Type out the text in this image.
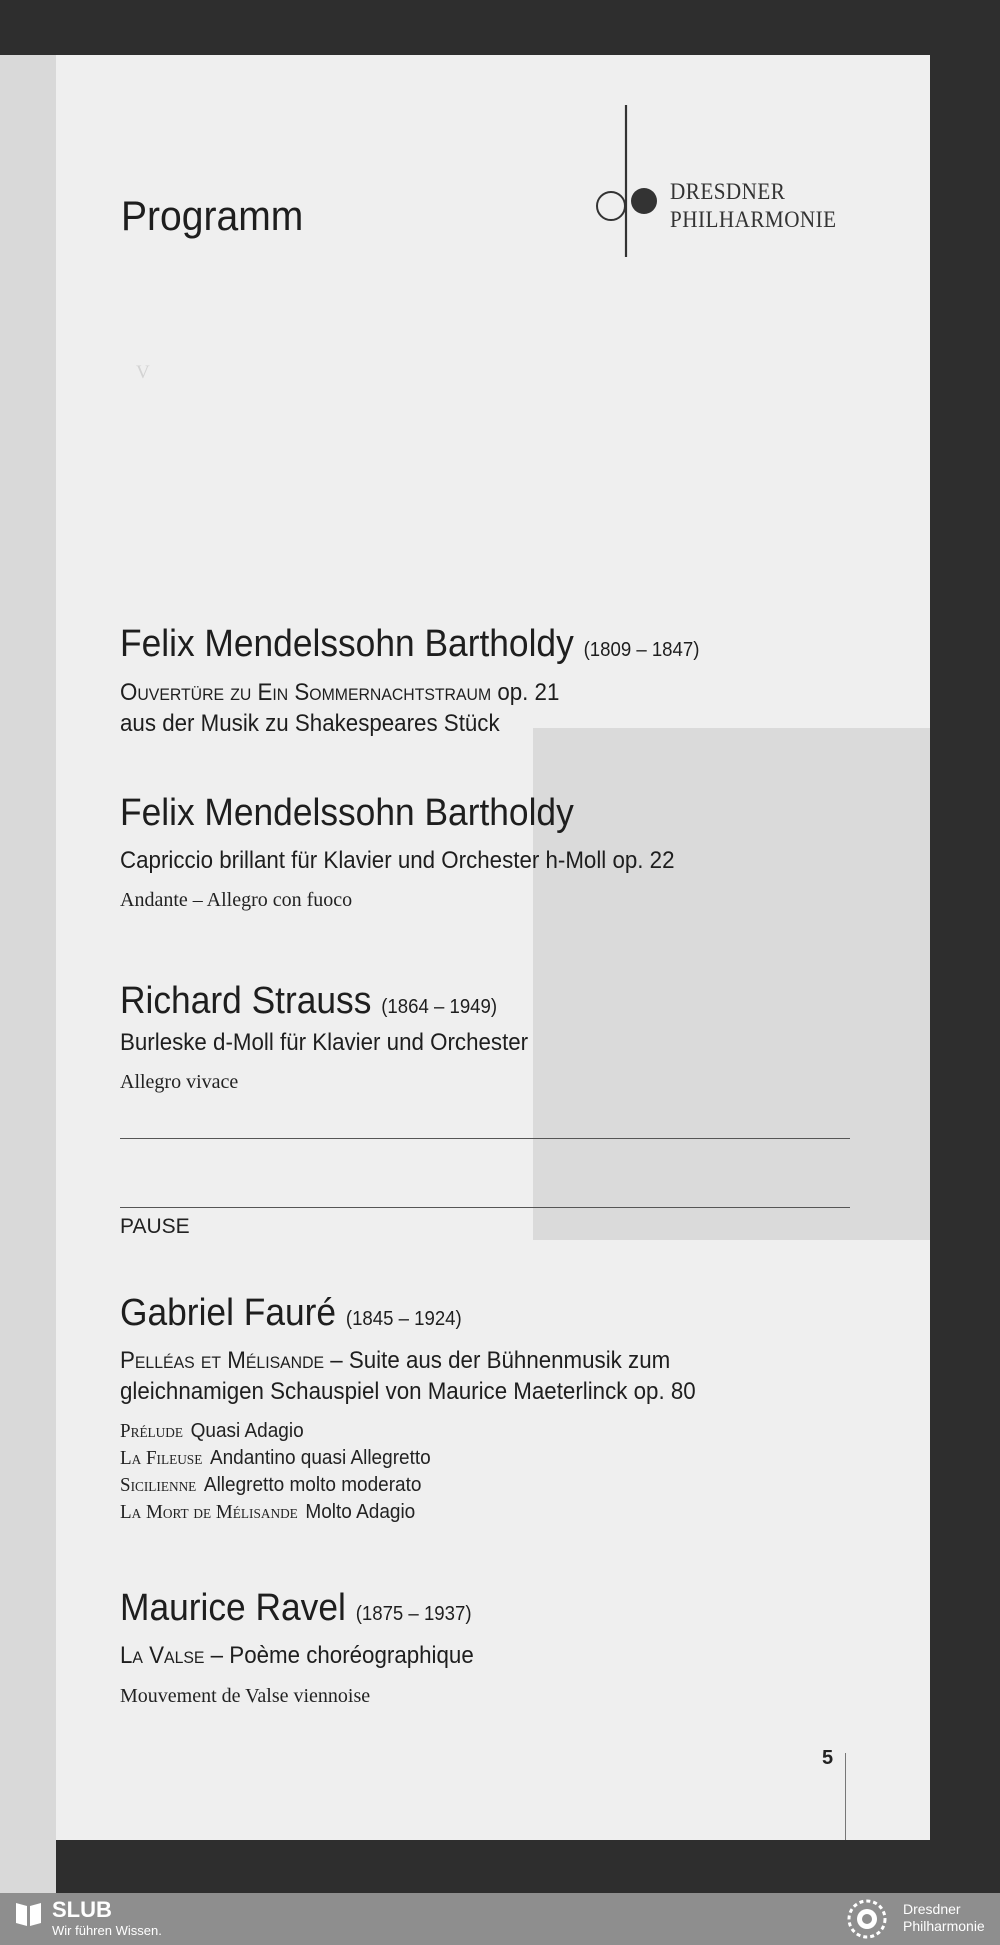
V

DRESDNER
PHILHARMONIE
Programm
Felix Mendelssohn Bartholdy (1809 – 1847)
Ouvertüre zu Ein Sommernachtstraum op. 21
aus der Musik zu Shakespeares Stück
Felix Mendelssohn Bartholdy
Capriccio brillant für Klavier und Orchester h-Moll op. 22
Andante – Allegro con fuoco
Richard Strauss (1864 – 1949)
Burleske d-Moll für Klavier und Orchester
Allegro vivace
PAUSE
Gabriel Fauré (1845 – 1924)
Pelléas et Mélisande – Suite aus der Bühnenmusik zum
gleichnamigen Schauspiel von Maurice Maeterlinck op. 80
Prélude Quasi Adagio
La Fileuse Andantino quasi Allegretto
Sicilienne Allegretto molto moderato
La Mort de Mélisande Molto Adagio
Maurice Ravel (1875 – 1937)
La Valse – Poème choréographique
Mouvement de Valse viennoise
5
SLUB
Wir führen Wissen.
Dresdner
Philharmonie
